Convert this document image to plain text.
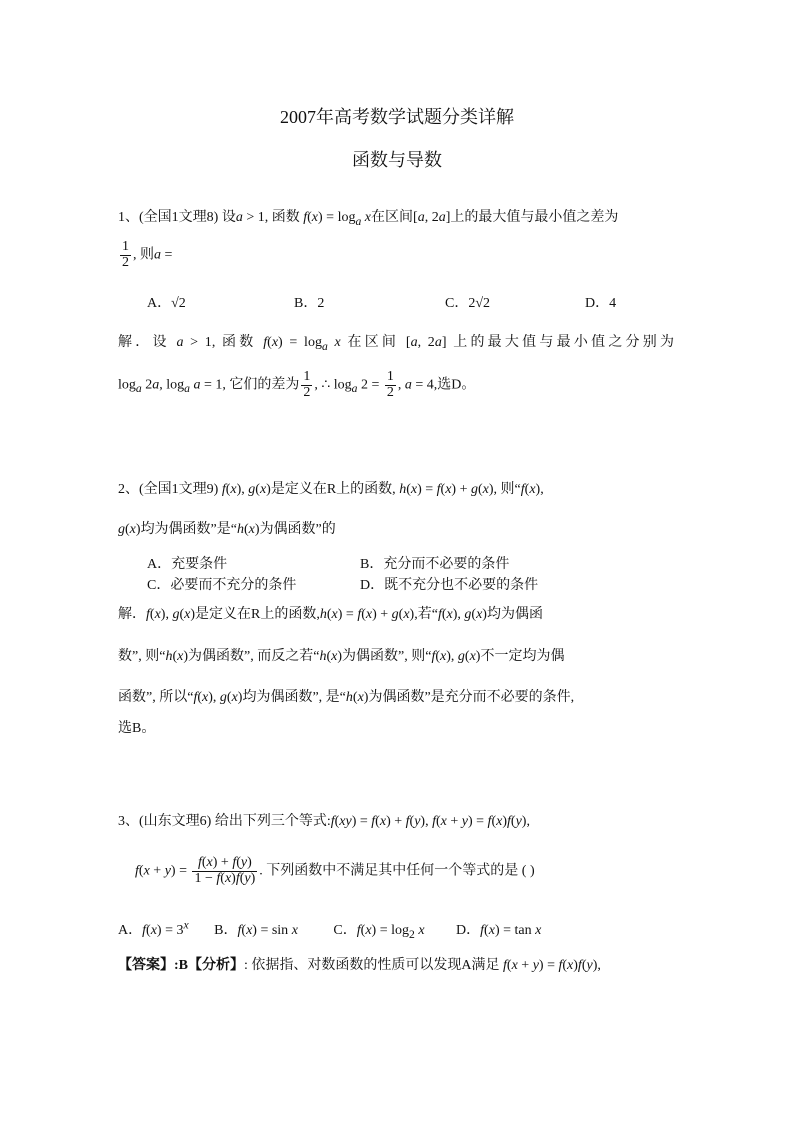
2007年高考数学试题分类详解
函数与导数
1、(全国1文理8) 设a > 1, 函数 $f(x) = \log_a x$在区间[a, 2a]上的最大值与最小值之差为
$\frac{1}{2}$ , 则a =
A．√2	B．2	C．2√2	D．4
解．设 a > 1, 函数 $f(x) = \log_a x$ 在区间 [a, 2a] 上的最大值与最小值之分别为
$\log_a 2a$, $\log_a a = 1$, 它们的差为 $\frac{1}{2}$ , ∴ $\log_a 2 = \frac{1}{2}$ , a = 4,选D。
2、(全国1文理9) f(x), g(x)是定义在R上的函数, h(x) = f(x) + g(x), 则“f(x),
g(x)均为偶函数”是“h(x)为偶函数”的
A．充要条件	B．充分而不必要的条件
C．必要而不充分的条件	D．既不充分也不必要的条件
解．f(x), g(x)是定义在R上的函数,h(x) = f(x) + g(x),若“f(x), g(x)均为偶函
数”, 则“h(x)为偶函数”, 而反之若“h(x)为偶函数”, 则“f(x), g(x)不一定均为偶
函数”, 所以“f(x), g(x)均为偶函数”, 是“h(x)为偶函数”是充分而不必要的条件,
选B。
3、(山东文理6) 给出下列三个等式:f(xy) = f(x) + f(y), f(x + y) = f(x)f(y),
$f(x + y) = \frac{f(x) + f(y)}{1 - f(x)f(y)}$ . 下列函数中不满足其中任何一个等式的是 ( )
A．$f(x) = 3^x$ B．f(x) = sin x	C．$f(x) = \log_2 x$ D．f(x) = tan x
【答案】:B【分析】: 依据指、对数函数的性质可以发现A满足 f(x + y) = f(x)f(y),
